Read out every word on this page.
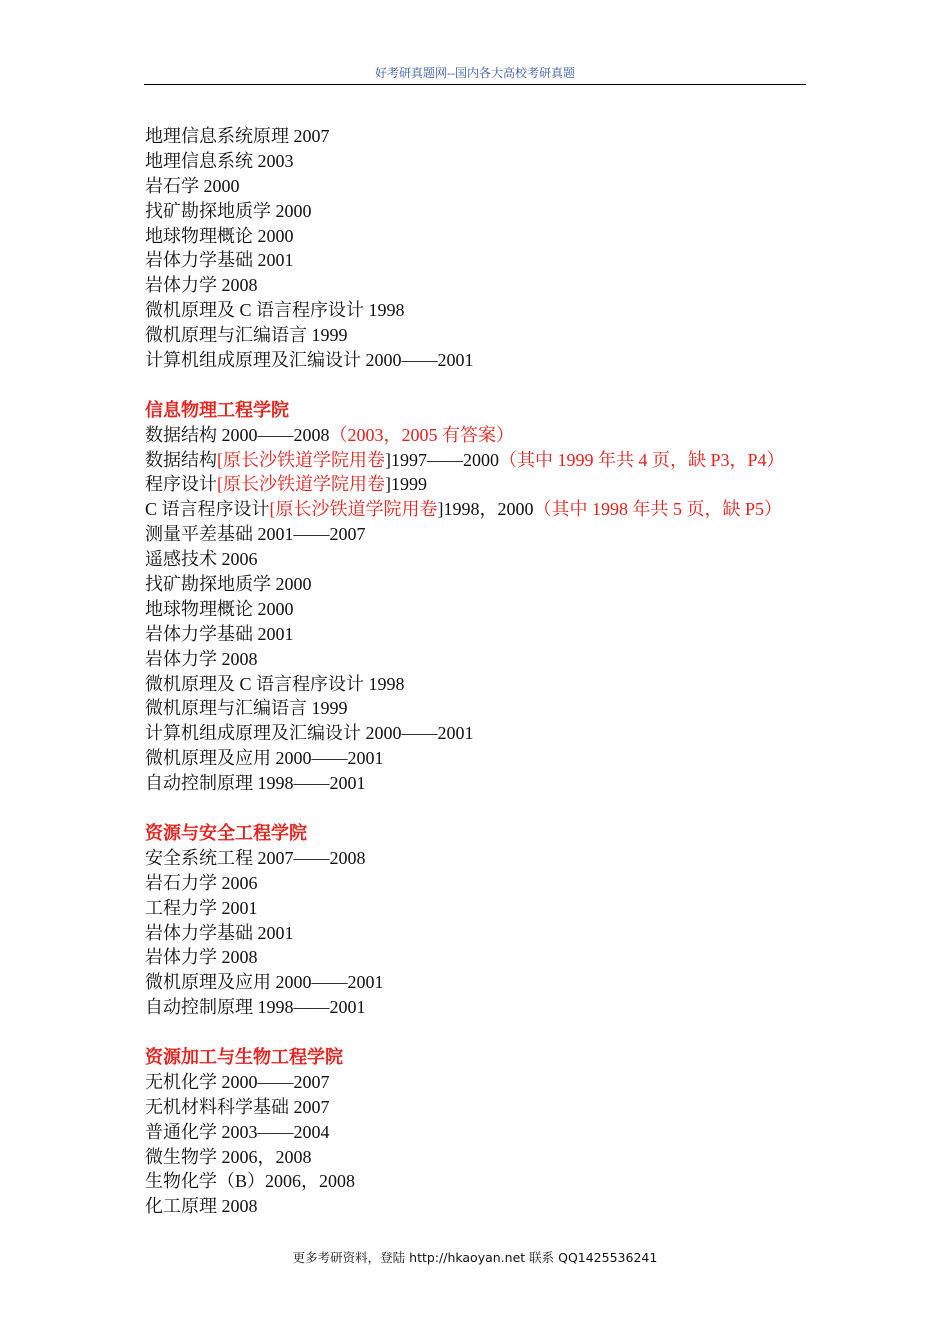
好考研真题网--国内各大高校考研真题
地理信息系统原理 2007
地理信息系统 2003
岩石学 2000
找矿勘探地质学 2000
地球物理概论 2000
岩体力学基础 2001
岩体力学 2008
微机原理及 C 语言程序设计 1998
微机原理与汇编语言 1999
计算机组成原理及汇编设计 2000——2001
信息物理工程学院
数据结构 2000——2008（2003，2005 有答案）
数据结构[原长沙铁道学院用卷]1997——2000（其中 1999 年共 4 页，缺 P3，P4）
程序设计[原长沙铁道学院用卷]1999
C 语言程序设计[原长沙铁道学院用卷]1998，2000（其中 1998 年共 5 页，缺 P5）
测量平差基础 2001——2007
遥感技术 2006
找矿勘探地质学 2000
地球物理概论 2000
岩体力学基础 2001
岩体力学 2008
微机原理及 C 语言程序设计 1998
微机原理与汇编语言 1999
计算机组成原理及汇编设计 2000——2001
微机原理及应用 2000——2001
自动控制原理 1998——2001
资源与安全工程学院
安全系统工程 2007——2008
岩石力学 2006
工程力学 2001
岩体力学基础 2001
岩体力学 2008
微机原理及应用 2000——2001
自动控制原理 1998——2001
资源加工与生物工程学院
无机化学 2000——2007
无机材料科学基础 2007
普通化学 2003——2004
微生物学 2006，2008
生物化学（B）2006，2008
化工原理 2008
更多考研资料，登陆 http://hkaoyan.net 联系 QQ1425536241
